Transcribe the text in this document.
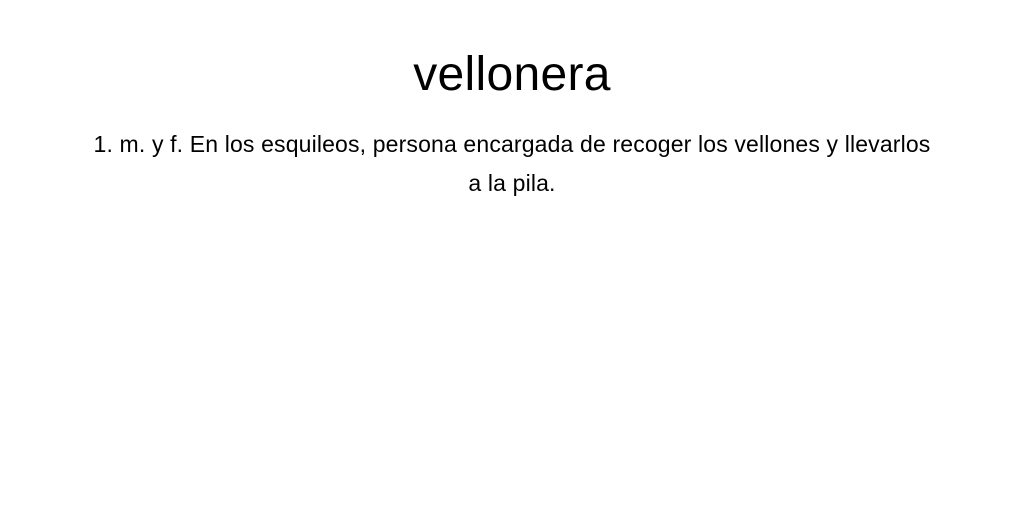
vellonera

1. m. y f. En los esquileos, persona encargada de recoger los vellones y llevarlos a la pila.
